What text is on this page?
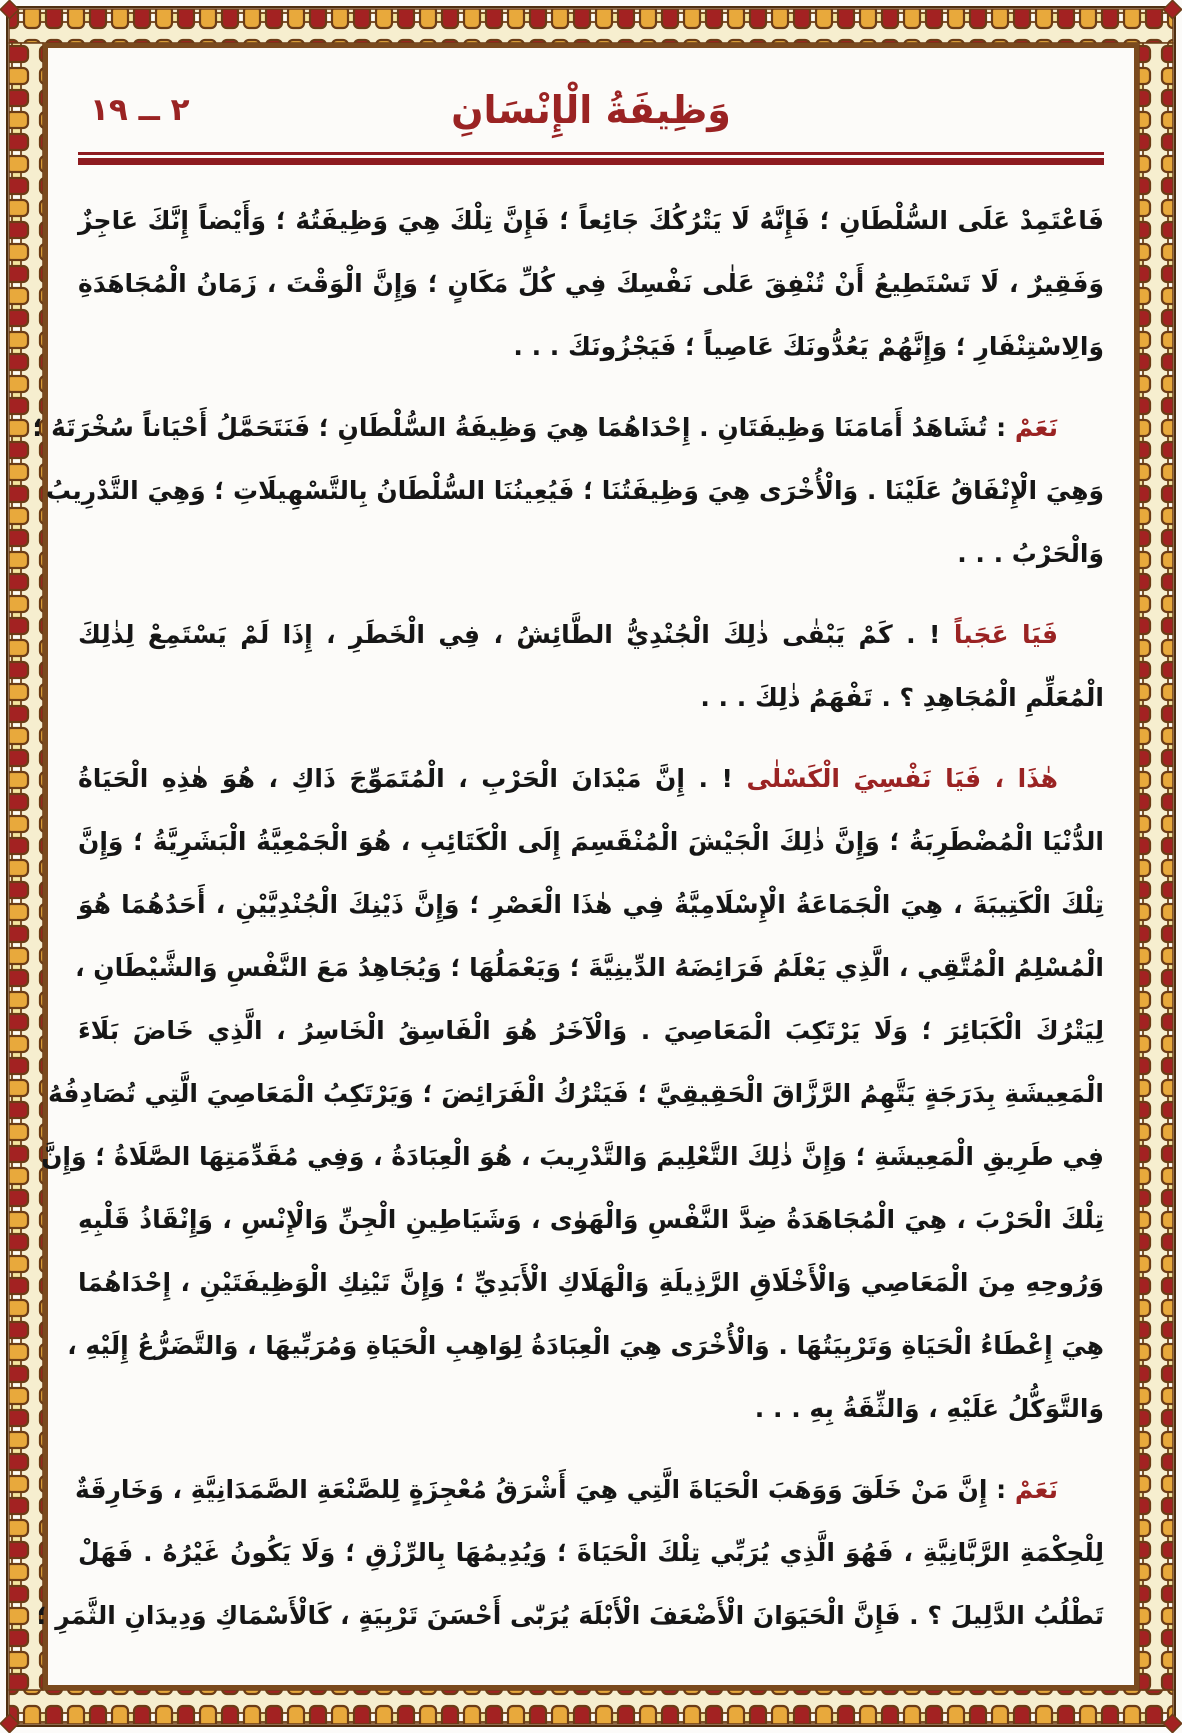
٢ ــ ١٩	وَظِيفَةُ الْإِنْسَانِ
فَاعْتَمِدْ عَلَى السُّلْطَانِ ؛ فَإِنَّهُ لَا يَتْرُكُكَ جَائِعاً ؛ فَإِنَّ تِلْكَ هِيَ وَظِيفَتُهُ ؛ وَأَيْضاً إِنَّكَ عَاجِزٌ
وَفَقِيرٌ ، لَا تَسْتَطِيعُ أَنْ تُنْفِقَ عَلٰى نَفْسِكَ فِي كُلِّ مَكَانٍ ؛ وَإِنَّ الْوَقْتَ ، زَمَانُ الْمُجَاهَدَةِ
وَالِاسْتِنْفَارِ ؛ وَإِنَّهُمْ يَعُدُّونَكَ عَاصِياً ؛ فَيَجْزُونَكَ . . .
نَعَمْ : تُشَاهَدُ أَمَامَنَا وَظِيفَتَانِ . إِحْدَاهُمَا هِيَ وَظِيفَةُ السُّلْطَانِ ؛ فَنَتَحَمَّلُ أَحْيَاناً سُخْرَتَهُ ؛
وَهِيَ الْإِنْفَاقُ عَلَيْنَا . وَالْأُخْرَى هِيَ وَظِيفَتُنَا ؛ فَيُعِينُنَا السُّلْطَانُ بِالتَّسْهِيلَاتِ ؛ وَهِيَ التَّدْرِيبُ
وَالْحَرْبُ . . .
فَيَا عَجَباً ! . كَمْ يَبْقٰى ذٰلِكَ الْجُنْدِيُّ الطَّائِشُ ، فِي الْخَطَرِ ، إِذَا لَمْ يَسْتَمِعْ لِذٰلِكَ
الْمُعَلِّمِ الْمُجَاهِدِ ؟ . تَفْهَمُ ذٰلِكَ . . .
هٰذَا ، فَيَا نَفْسِيَ الْكَسْلٰى ! . إِنَّ مَيْدَانَ الْحَرْبِ ، الْمُتَمَوِّجَ ذَاكِ ، هُوَ هٰذِهِ الْحَيَاةُ
الدُّنْيَا الْمُضْطَرِبَةُ ؛ وَإِنَّ ذٰلِكَ الْجَيْشَ الْمُنْقَسِمَ إِلَى الْكَتَائِبِ ، هُوَ الْجَمْعِيَّةُ الْبَشَرِيَّةُ ؛ وَإِنَّ
تِلْكَ الْكَتِيبَةَ ، هِيَ الْجَمَاعَةُ الْإِسْلَامِيَّةُ فِي هٰذَا الْعَصْرِ ؛ وَإِنَّ ذَيْنِكَ الْجُنْدِيَّيْنِ ، أَحَدُهُمَا هُوَ
الْمُسْلِمُ الْمُتَّقِي ، الَّذِي يَعْلَمُ فَرَائِضَهُ الدِّينِيَّةَ ؛ وَيَعْمَلُهَا ؛ وَيُجَاهِدُ مَعَ النَّفْسِ وَالشَّيْطَانِ ،
لِيَتْرُكَ الْكَبَائِرَ ؛ وَلَا يَرْتَكِبَ الْمَعَاصِيَ . وَالْآخَرُ هُوَ الْفَاسِقُ الْخَاسِرُ ، الَّذِي خَاضَ بَلَاءَ
الْمَعِيشَةِ بِدَرَجَةٍ يَتَّهِمُ الرَّزَّاقَ الْحَقِيقِيَّ ؛ فَيَتْرُكُ الْفَرَائِضَ ؛ وَيَرْتَكِبُ الْمَعَاصِيَ الَّتِي تُصَادِفُهُ
فِي طَرِيقِ الْمَعِيشَةِ ؛ وَإِنَّ ذٰلِكَ التَّعْلِيمَ وَالتَّدْرِيبَ ، هُوَ الْعِبَادَةُ ، وَفِي مُقَدِّمَتِهَا الصَّلَاةُ ؛ وَإِنَّ
تِلْكَ الْحَرْبَ ، هِيَ الْمُجَاهَدَةُ ضِدَّ النَّفْسِ وَالْهَوٰى ، وَشَيَاطِينِ الْجِنِّ وَالْإِنْسِ ، وَإِنْقَاذُ قَلْبِهِ
وَرُوحِهِ مِنَ الْمَعَاصِي وَالْأَخْلَاقِ الرَّذِيلَةِ وَالْهَلَاكِ الْأَبَدِيِّ ؛ وَإِنَّ تَيْنِكِ الْوَظِيفَتَيْنِ ، إِحْدَاهُمَا
هِيَ إِعْطَاءُ الْحَيَاةِ وَتَرْبِيَتُهَا . وَالْأُخْرَى هِيَ الْعِبَادَةُ لِوَاهِبِ الْحَيَاةِ وَمُرَبِّيهَا ، وَالتَّضَرُّعُ إِلَيْهِ ،
وَالتَّوَكُّلُ عَلَيْهِ ، وَالثِّقَةُ بِهِ . . .
نَعَمْ : إِنَّ مَنْ خَلَقَ وَوَهَبَ الْحَيَاةَ الَّتِي هِيَ أَشْرَقُ مُعْجِزَةٍ لِلصَّنْعَةِ الصَّمَدَانِيَّةِ ، وَخَارِقَةٌ
لِلْحِكْمَةِ الرَّبَّانِيَّةِ ، فَهُوَ الَّذِي يُرَبِّي تِلْكَ الْحَيَاةَ ؛ وَيُدِيمُهَا بِالرِّزْقِ ؛ وَلَا يَكُونُ غَيْرُهُ . فَهَلْ
تَطْلُبُ الدَّلِيلَ ؟ . فَإِنَّ الْحَيَوَانَ الْأَضْعَفَ الْأَبْلَهَ يُرَبّٰى أَحْسَنَ تَرْبِيَةٍ ، كَالْأَسْمَاكِ وَدِيدَانِ الثَّمَرِ ؛
